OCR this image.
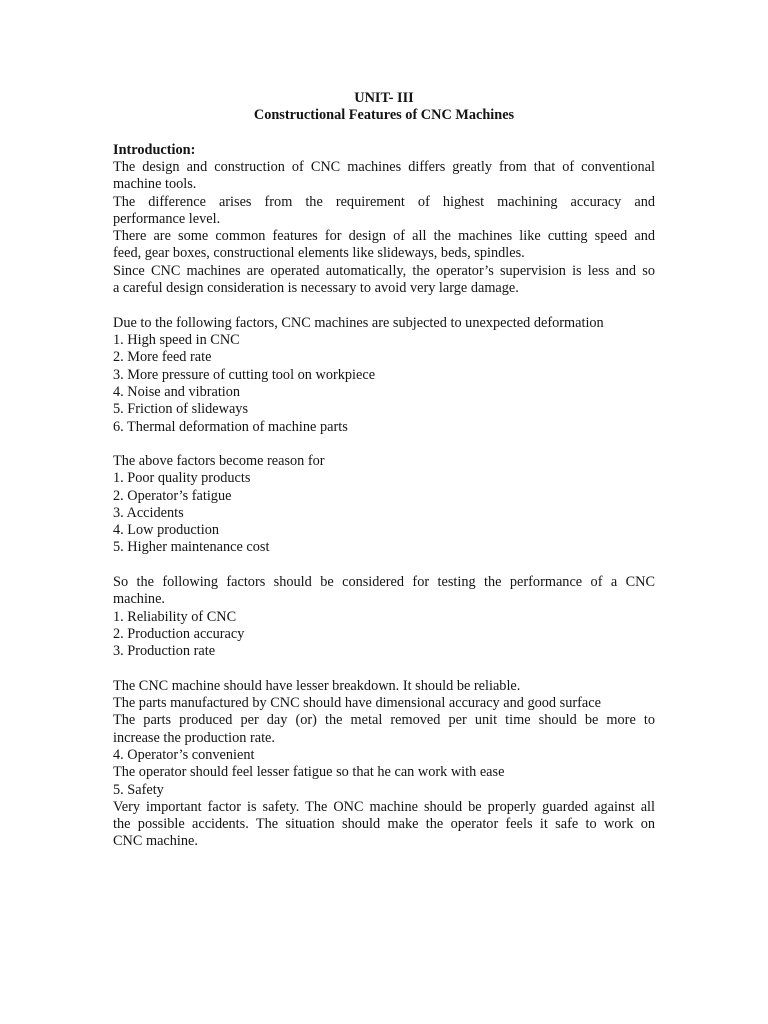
UNIT- III
Constructional Features of CNC Machines
Introduction:
The design and construction of CNC machines differs greatly from that of conventional
machine tools.
The difference arises from the requirement of highest machining accuracy and
performance level.
There are some common features for design of all the machines like cutting speed and
feed, gear boxes, constructional elements like slideways, beds, spindles.
Since CNC machines are operated automatically, the operator’s supervision is less and so
a careful design consideration is necessary to avoid very large damage.
Due to the following factors, CNC machines are subjected to unexpected deformation
1. High speed in CNC
2. More feed rate
3. More pressure of cutting tool on workpiece
4. Noise and vibration
5. Friction of slideways
6. Thermal deformation of machine parts
The above factors become reason for
1. Poor quality products
2. Operator’s fatigue
3. Accidents
4. Low production
5. Higher maintenance cost
So the following factors should be considered for testing the performance of a CNC
machine.
1. Reliability of CNC
2. Production accuracy
3. Production rate
The CNC machine should have lesser breakdown. It should be reliable.
The parts manufactured by CNC should have dimensional accuracy and good surface
The parts produced per day (or) the metal removed per unit time should be more to
increase the production rate.
4. Operator’s convenient
The operator should feel lesser fatigue so that he can work with ease
5. Safety
Very important factor is safety. The ONC machine should be properly guarded against all
the possible accidents. The situation should make the operator feels it safe to work on
CNC machine.
